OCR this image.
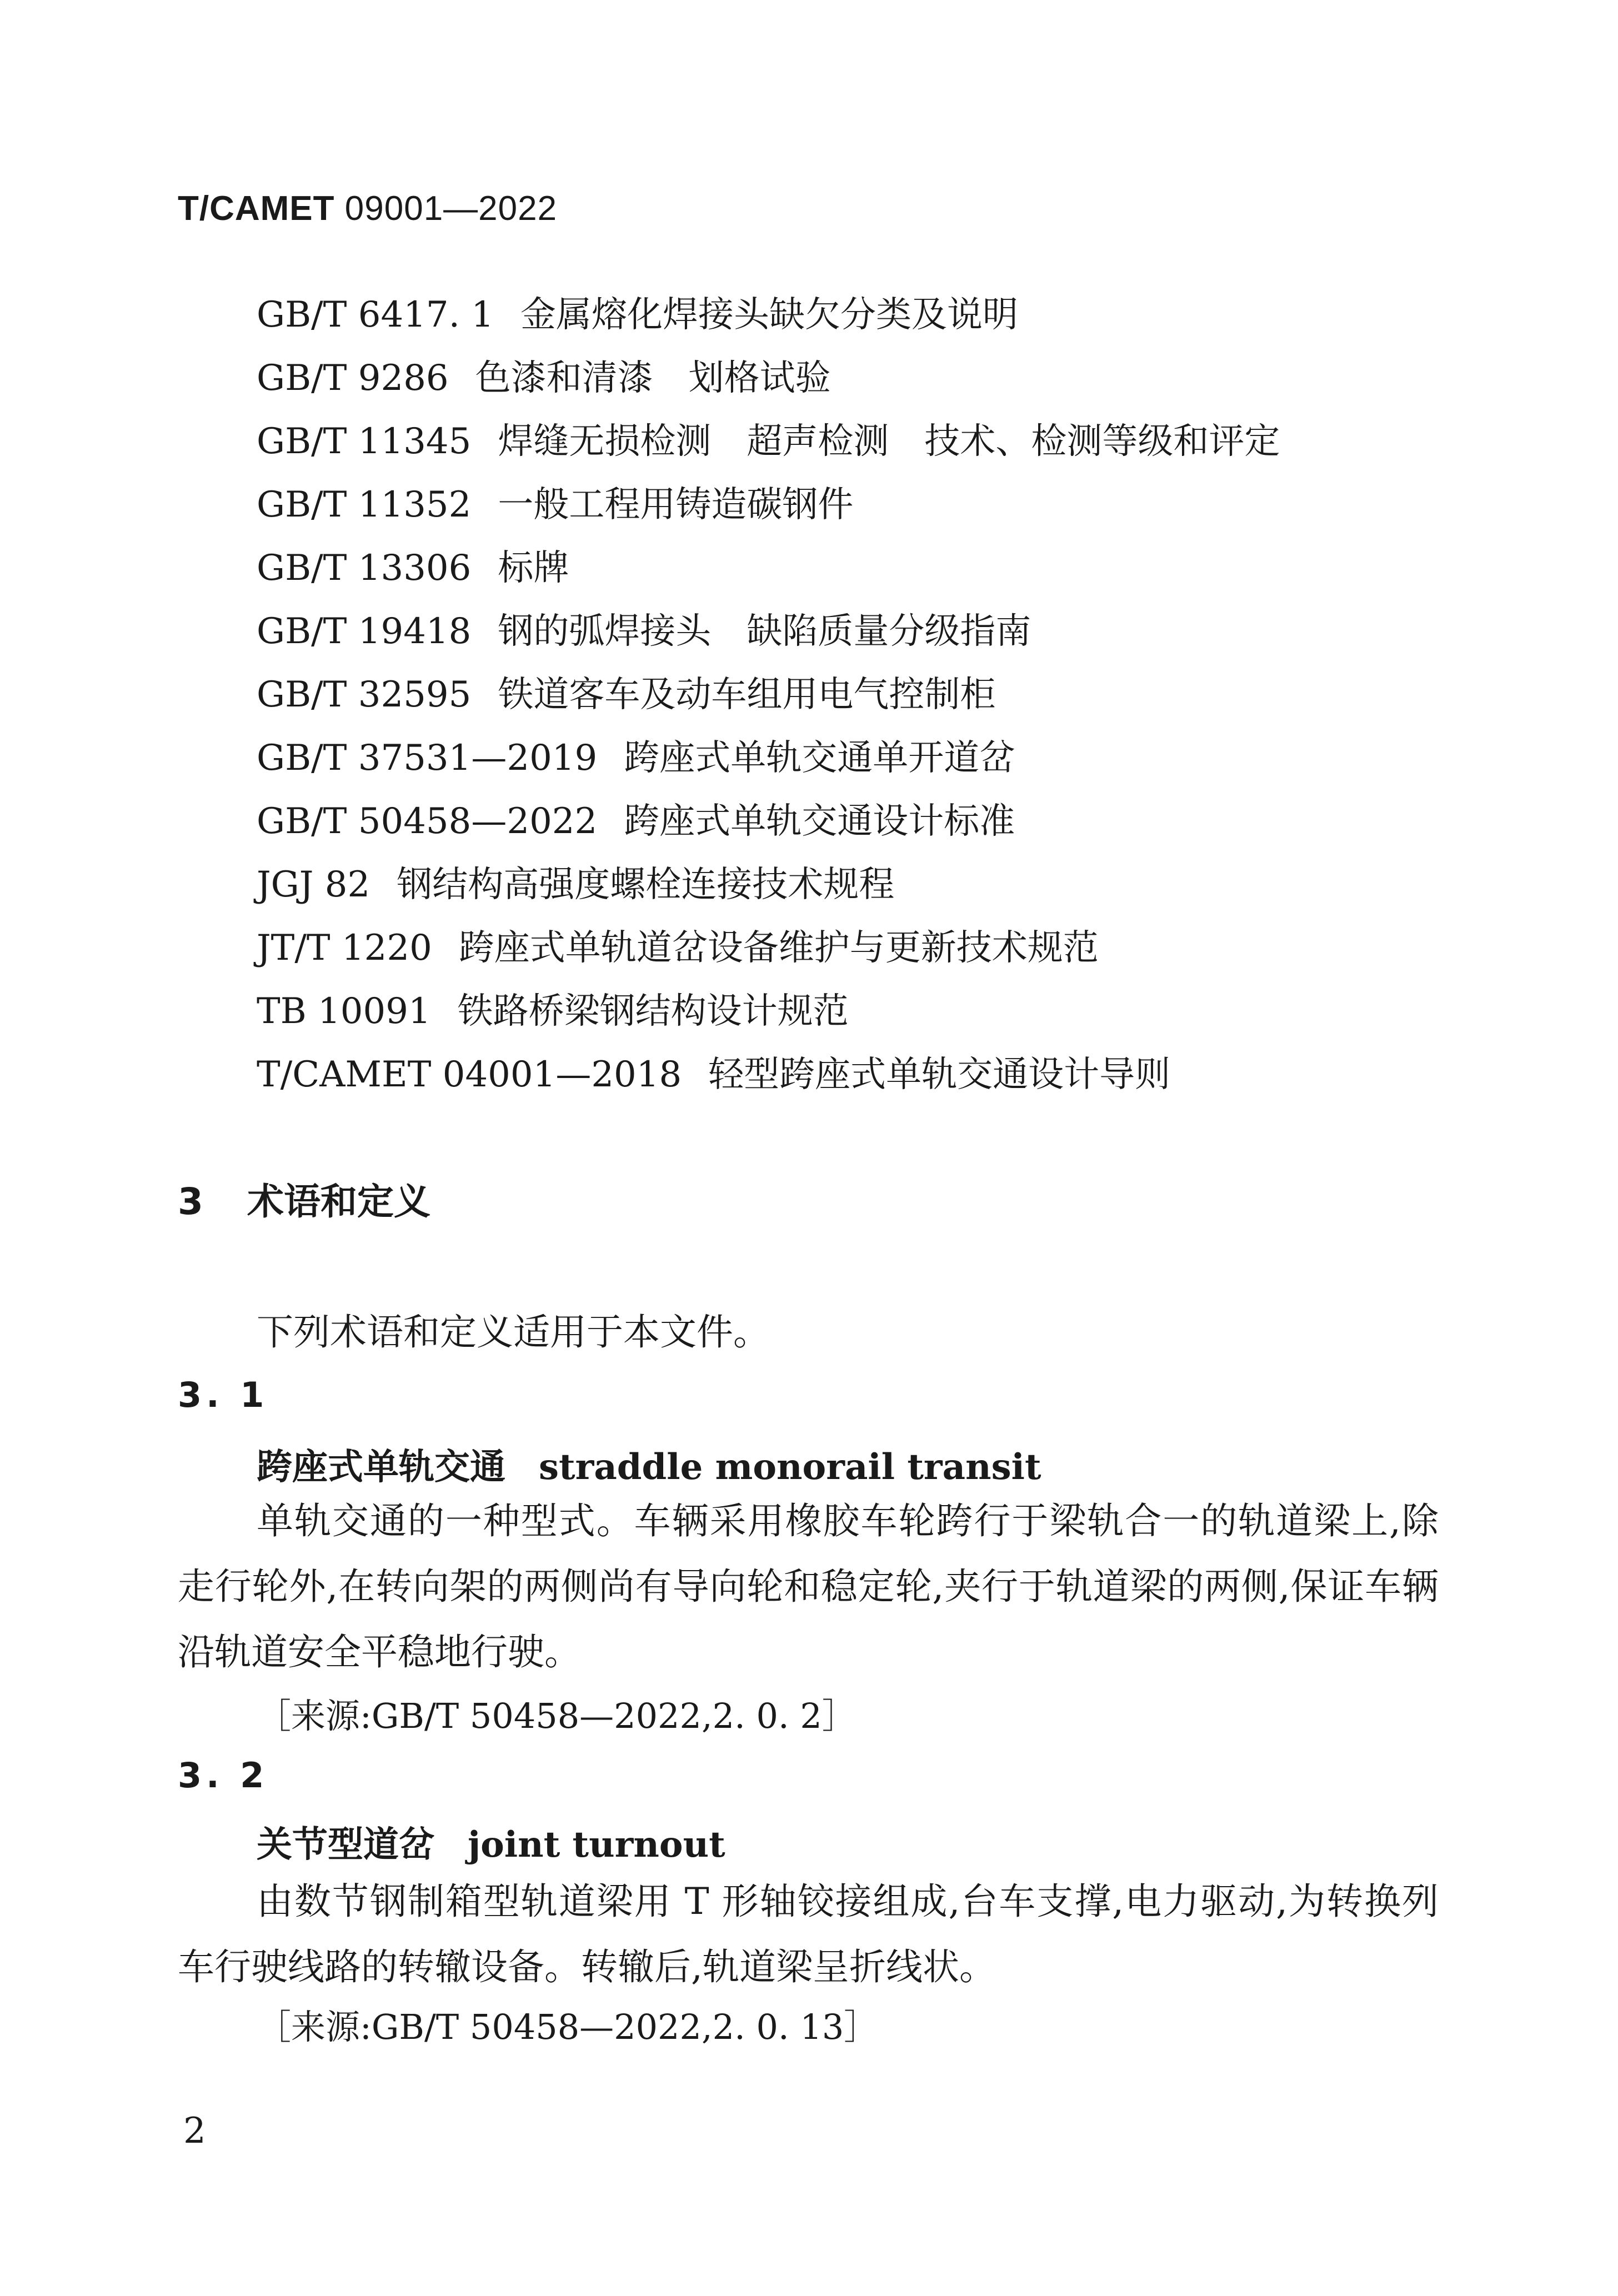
T/CAMET 09001—2022
GB/T 6417. 1 金属熔化焊接头缺欠分类及说明
GB/T 9286 色漆和清漆　划格试验
GB/T 11345 焊缝无损检测　超声检测　技术、检测等级和评定
GB/T 11352 一般工程用铸造碳钢件
GB/T 13306 标牌
GB/T 19418 钢的弧焊接头　缺陷质量分级指南
GB/T 32595 铁道客车及动车组用电气控制柜
GB/T 37531—2019 跨座式单轨交通单开道岔
GB/T 50458—2022 跨座式单轨交通设计标准
JGJ 82 钢结构高强度螺栓连接技术规程
JT/T 1220 跨座式单轨道岔设备维护与更新技术规范
TB 10091 铁路桥梁钢结构设计规范
T/CAMET 04001—2018 轻型跨座式单轨交通设计导则
3 术语和定义

下列术语和定义适用于本文件。

3. 1
跨座式单轨交通 straddle monorail transit

单轨交通的一种型式。车辆采用橡胶车轮跨行于梁轨合一的轨道梁上,除走行轮外,在转向架的两侧尚有导向轮和稳定轮,夹行于轨道梁的两侧,保证车辆沿轨道安全平稳地行驶。

［来源:GB/T 50458—2022,2. 0. 2］
3. 2
关节型道岔 joint turnout

由数节钢制箱型轨道梁用 T 形轴铰接组成,台车支撑,电力驱动,为转换列车行驶线路的转辙设备。转辙后,轨道梁呈折线状。

［来源:GB/T 50458—2022,2. 0. 13］
2
